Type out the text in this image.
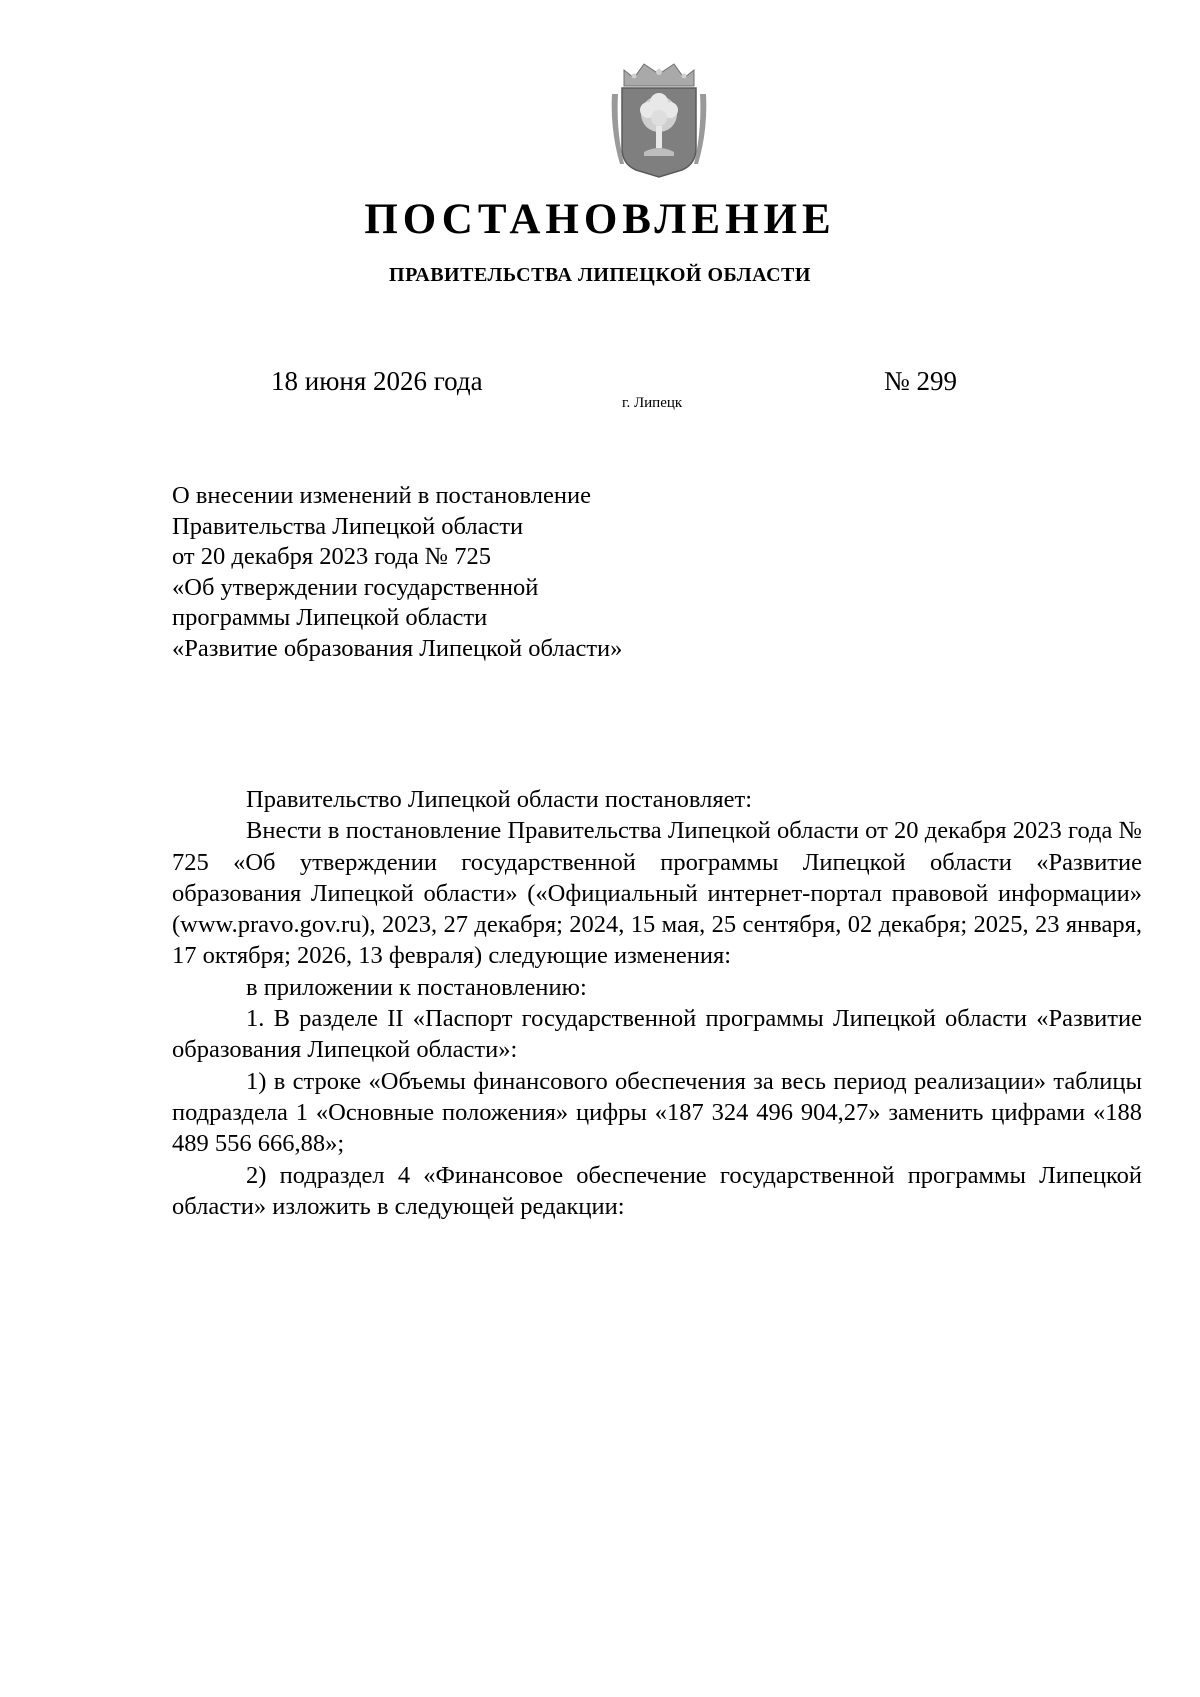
ПОСТАНОВЛЕНИЕ
ПРАВИТЕЛЬСТВА ЛИПЕЦКОЙ ОБЛАСТИ
18 июня 2026 года
г. Липецк
№ 299
О внесении изменений в постановление
Правительства Липецкой области
от 20 декабря 2023 года № 725
«Об утверждении государственной
программы Липецкой области
«Развитие образования Липецкой области»

Правительство Липецкой области постановляет:

Внести в постановление Правительства Липецкой области от 20 декабря 2023 года № 725 «Об утверждении государственной программы Липецкой области «Развитие образования Липецкой области» («Официальный интернет-портал правовой информации» (www.pravo.gov.ru), 2023, 27 декабря; 2024, 15 мая, 25 сентября, 02 декабря; 2025, 23 января, 17 октября; 2026, 13 февраля) следующие изменения:

в приложении к постановлению:

1. В разделе II «Паспорт государственной программы Липецкой области «Развитие образования Липецкой области»:

1) в строке «Объемы финансового обеспечения за весь период реализации» таблицы подраздела 1 «Основные положения» цифры «187 324 496 904,27» заменить цифрами «188 489 556 666,88»;

2) подраздел 4 «Финансовое обеспечение государственной программы Липецкой области» изложить в следующей редакции:
